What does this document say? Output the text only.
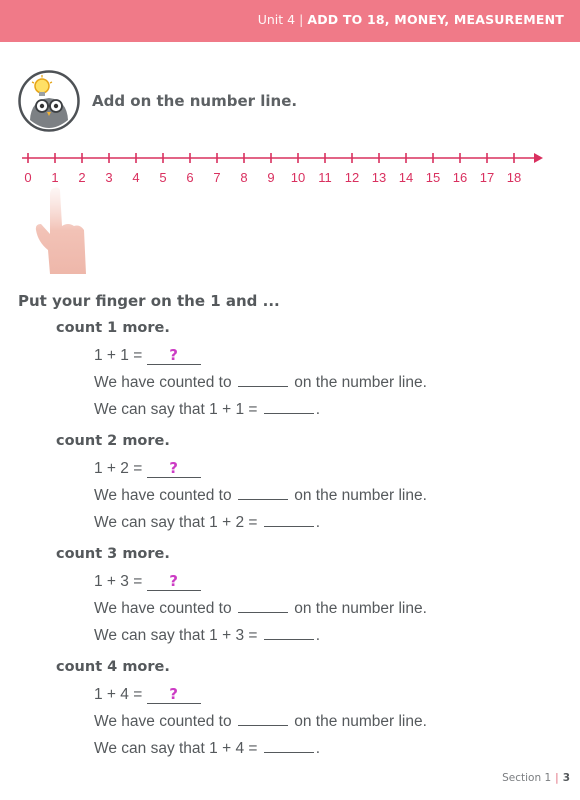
Unit 4 | ADD TO 18, MONEY, MEASUREMENT
Add on the number line.
0 1 2 3 4 5 6 7 8 9 10 11 12 13 14 15 16 17 18
Put your finger on the 1 and ...
count 1 more.
1 + 1 = ?
We have counted to	on the number line.
We can say that 1 + 1 =	.
count 2 more.
1 + 2 = ?
We have counted to	on the number line.
We can say that 1 + 2 =	.
count 3 more.
1 + 3 = ?
We have counted to	on the number line.
We can say that 1 + 3 =	.
count 4 more.
1 + 4 = ?
We have counted to	on the number line.
We can say that 1 + 4 =	.
Section 1 | 3
